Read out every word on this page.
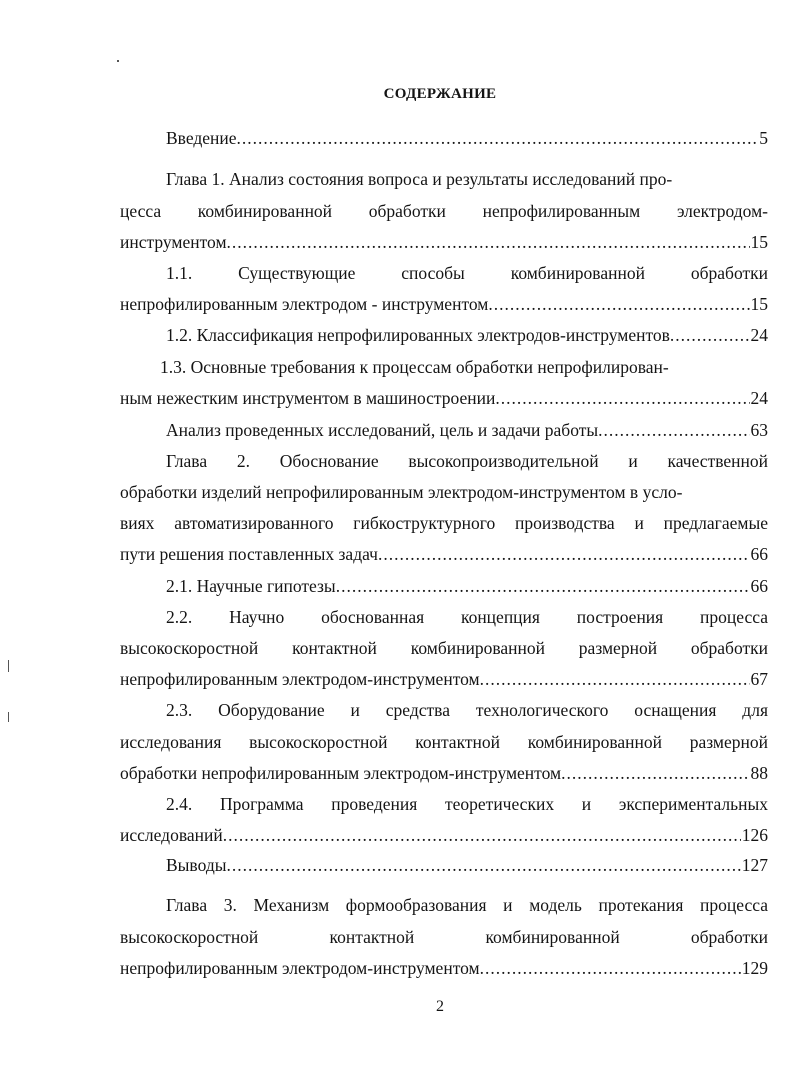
СОДЕРЖАНИЕ
Введение .....	5
Глава 1. Анализ состояния вопроса и результаты исследований про-
цесса комбинированной обработки непрофилированным электродом-
инструментом .....	15
1.1. Существующие способы комбинированной обработки
непрофилированным электродом - инструментом .....	15
1.2. Классификация непрофилированных электродов-инструментов .....	24
1.3. Основные требования к процессам обработки непрофилирован-
ным нежестким инструментом в машиностроении .....	24
Анализ проведенных исследований, цель и задачи работы .....	63
Глава 2. Обоснование высокопроизводительной и качественной
обработки изделий непрофилированным электродом-инструментом в усло-
виях автоматизированного гибкоструктурного производства и предлагаемые
пути решения поставленных задач .....	66
2.1. Научные гипотезы .....	66
2.2. Научно обоснованная концепция построения процесса
высокоскоростной контактной комбинированной размерной обработки
непрофилированным электродом-инструментом .....	67
2.3. Оборудование и средства технологического оснащения для
исследования высокоскоростной контактной комбинированной размерной
обработки непрофилированным электродом-инструментом .....	88
2.4. Программа проведения теоретических и экспериментальных
исследований .....	126
Выводы .....	127
Глава 3. Механизм формообразования и модель протекания процесса
высокоскоростной контактной комбинированной обработки
непрофилированным электродом-инструментом .....	129
2
